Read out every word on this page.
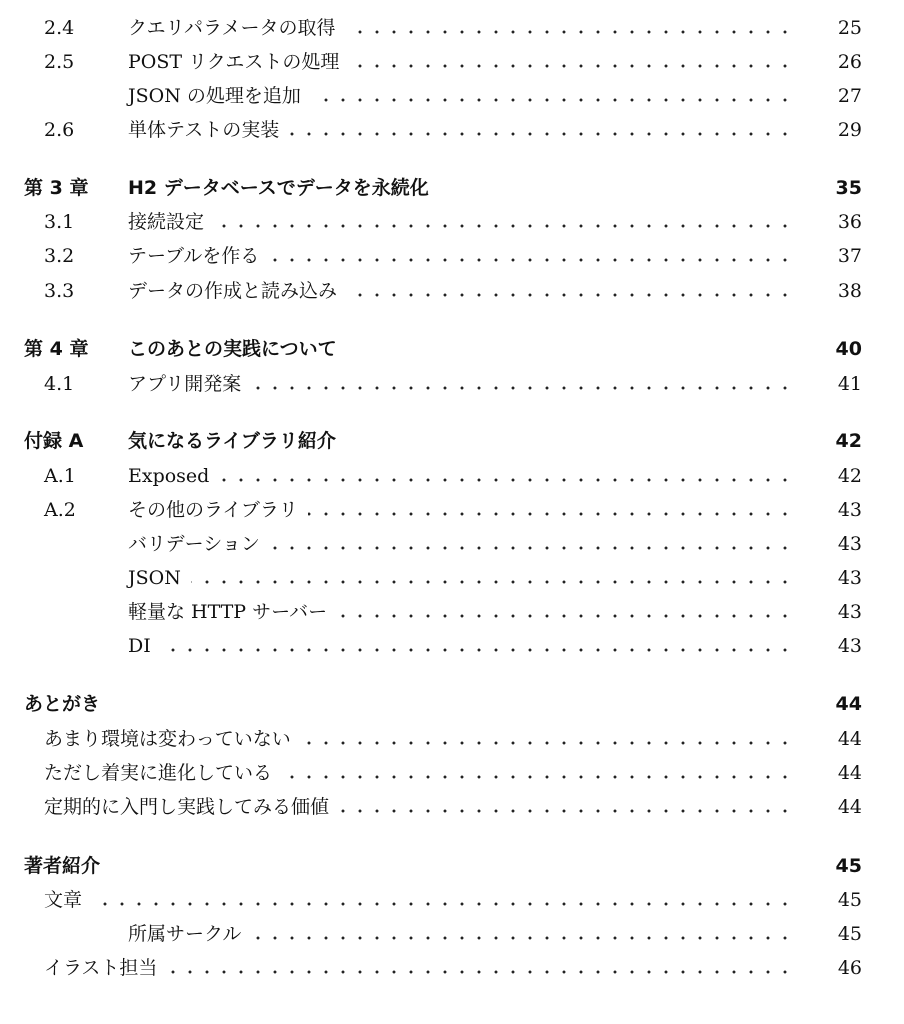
2.4	クエリパラメータの取得	25
2.5	POST リクエストの処理	26
JSON の処理を追加	27
2.6	単体テストの実装	29
第 3 章 H2 データベースでデータを永続化	35
3.1	接続設定	36
3.2	テーブルを作る	37
3.3	データの作成と読み込み	38
第 4 章 このあとの実践について	40
4.1	アプリ開発案	41
付録 A 気になるライブラリ紹介	42
A.1	Exposed	42
A.2	その他のライブラリ	43
バリデーション	43
JSON	43
軽量な HTTP サーバー	43
DI	43
あとがき	44
あまり環境は変わっていない	44
ただし着実に進化している	44
定期的に入門し実践してみる価値	44
著者紹介	45
文章	45
所属サークル	45
イラスト担当	46
